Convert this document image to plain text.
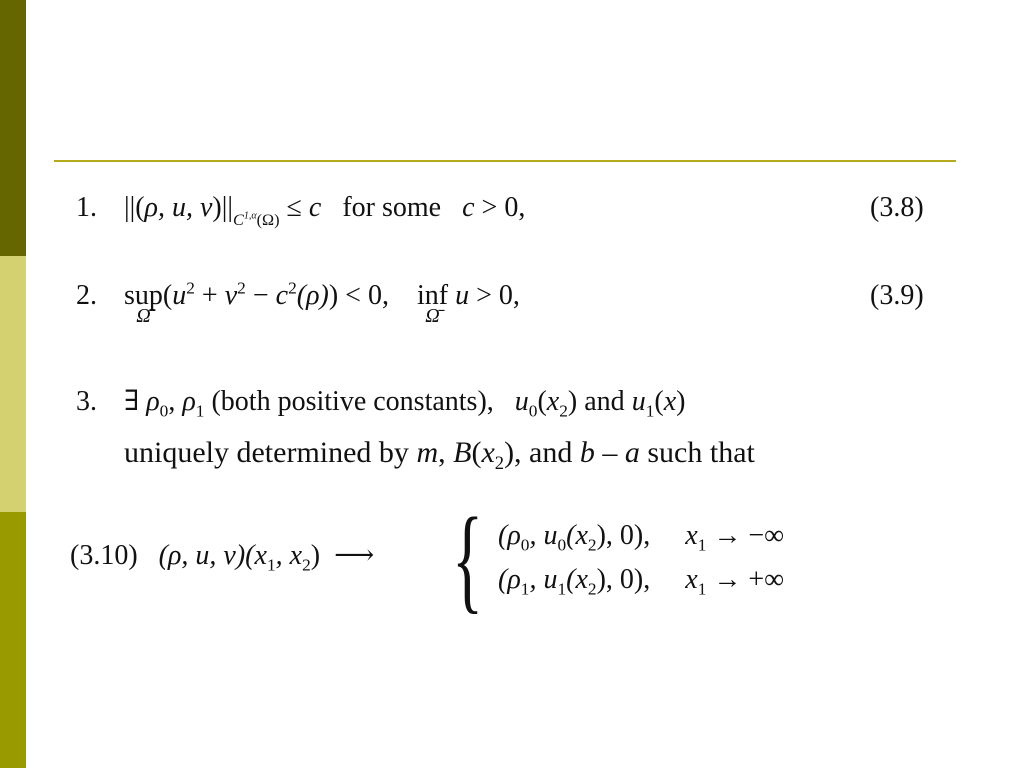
1. ||(ρ, u, $v)||_{C^{1,\alpha}(\Omega)} \le c$ for some c > 0,	(3.8)
2. sup
Ω̄
$(u^2 + v^2 - c^2(\rho)) < 0$, inf
Ω̄
u > 0,	(3.9)
3. ∃ $\rho_0$, $\rho_1$ (both positive constants), $u_0(x_2)$ and $u_1(x)$
uniquely determined by m, $B(x_2)$, and b – a such that
(3.10) (ρ, u, $v)(x_1$, $x_2$) ⟶ { ($\rho_0$, $u_0(x_2)$, 0), $x_1$ → −∞
($\rho_1$, $u_1(x_2)$, 0), $x_1$ → +∞
